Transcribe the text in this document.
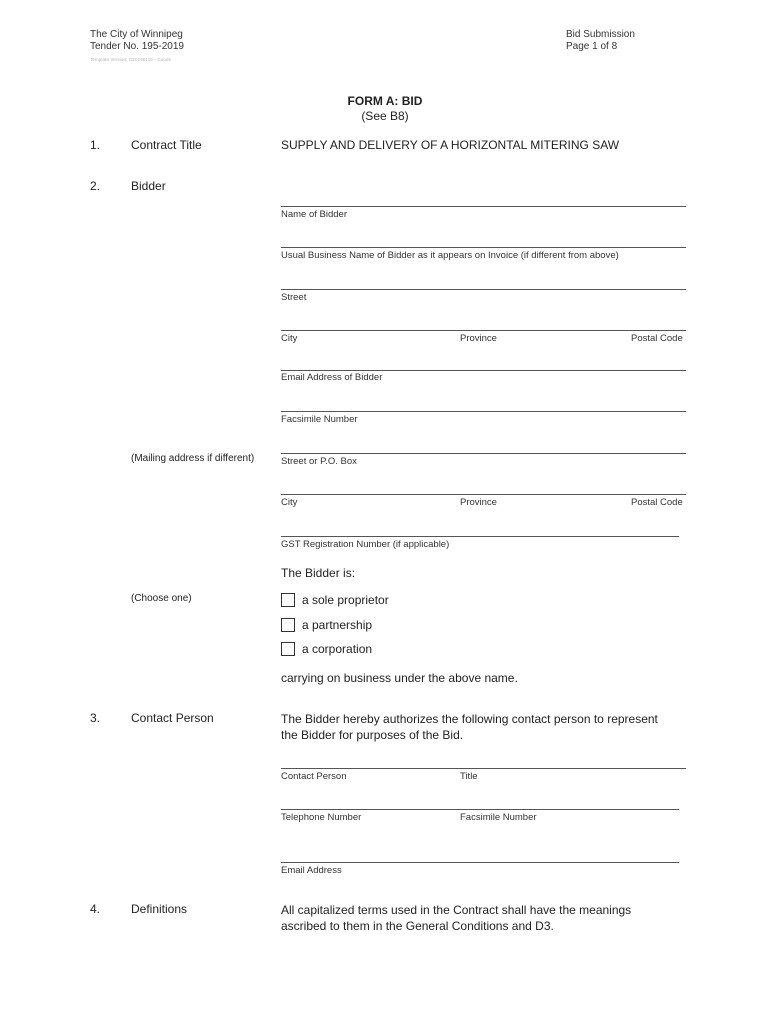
The City of Winnipeg
Tender No. 195-2019
Template Version: G20190115 - Goods
Bid Submission
Page 1 of 8
FORM A: BID
(See B8)
1.	Contract Title	SUPPLY AND DELIVERY OF A HORIZONTAL MITERING SAW
2.	Bidder
Name of Bidder
Usual Business Name of Bidder as it appears on Invoice (if different from above)
Street
City	Province	Postal Code
Email Address of Bidder
Facsimile Number
(Mailing address if different)	Street or P.O. Box
City	Province	Postal Code
GST Registration Number (if applicable)
The Bidder is:
(Choose one)	a sole proprietor
a partnership
a corporation
carrying on business under the above name.
3.	Contact Person	The Bidder hereby authorizes the following contact person to represent
the Bidder for purposes of the Bid.
Contact Person	Title
Telephone Number	Facsimile Number
Email Address
4.	Definitions	All capitalized terms used in the Contract shall have the meanings
ascribed to them in the General Conditions and D3.
